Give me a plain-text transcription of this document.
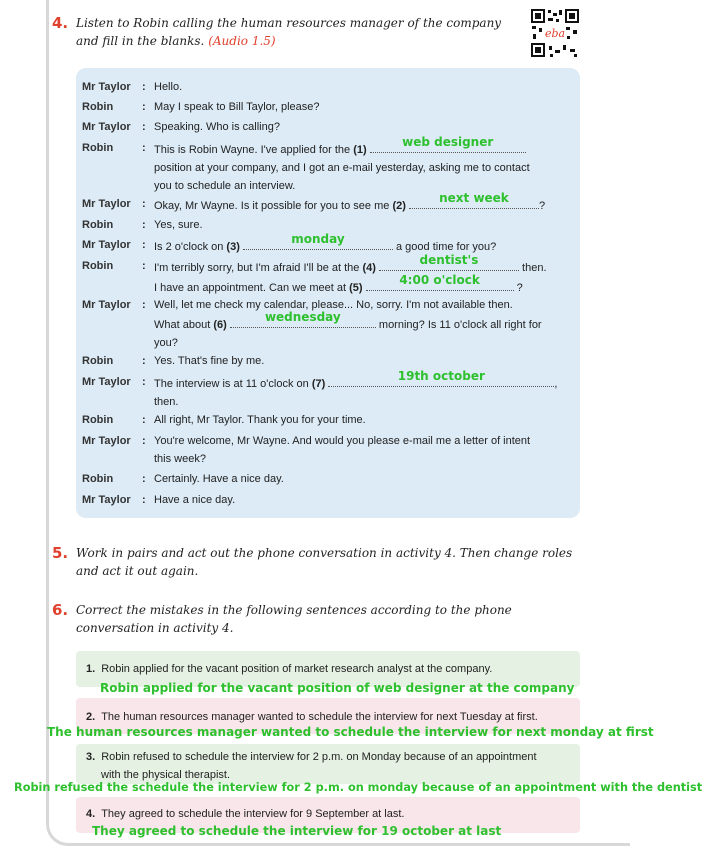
4. Listen to Robin calling the human resources manager of the company
and fill in the blanks. (Audio 1.5)
eba
Mr Taylor	: Hello.
Robin	: May I speak to Bill Taylor, please?
Mr Taylor	: Speaking. Who is calling?
Robin	: This is Robin Wayne. I've applied for the (1)
web designer
position at your company, and I got an e-mail yesterday, asking me to contact
you to schedule an interview.
Mr Taylor	: Okay, Mr Wayne. Is it possible for you to see me (2)
next week
?
Robin	: Yes, sure.
Mr Taylor	: Is 2 o'clock on (3)
monday
a good time for you?
Robin	: I'm terribly sorry, but I'm afraid I'll be at the (4)
dentist's
then.
I have an appointment. Can we meet at (5)
4:00 o'clock
?
Mr Taylor	: Well, let me check my calendar, please... No, sorry. I'm not available then.
What about (6)
wednesday
morning? Is 11 o'clock all right for
you?
Robin	: Yes. That's fine by me.
Mr Taylor	: The interview is at 11 o'clock on (7)
19th october
,
then.
Robin	: All right, Mr Taylor. Thank you for your time.
Mr Taylor	: You're welcome, Mr Wayne. And would you please e-mail me a letter of intent
this week?
Robin	: Certainly. Have a nice day.
Mr Taylor	: Have a nice day.
5. Work in pairs and act out the phone conversation in activity 4. Then change roles
and act it out again.
6. Correct the mistakes in the following sentences according to the phone
conversation in activity 4.
1. Robin applied for the vacant position of market research analyst at the company.
Robin applied for the vacant position of web designer at the company
2. The human resources manager wanted to schedule the interview for next Tuesday at first.
The human resources manager wanted to schedule the interview for next monday at first
3. Robin refused to schedule the interview for 2 p.m. on Monday because of an appointment
with the physical therapist.
Robin refused the schedule the interview for 2 p.m. on monday because of an appointment with the dentist
4. They agreed to schedule the interview for 9 September at last.
They agreed to schedule the interview for 19 october at last
